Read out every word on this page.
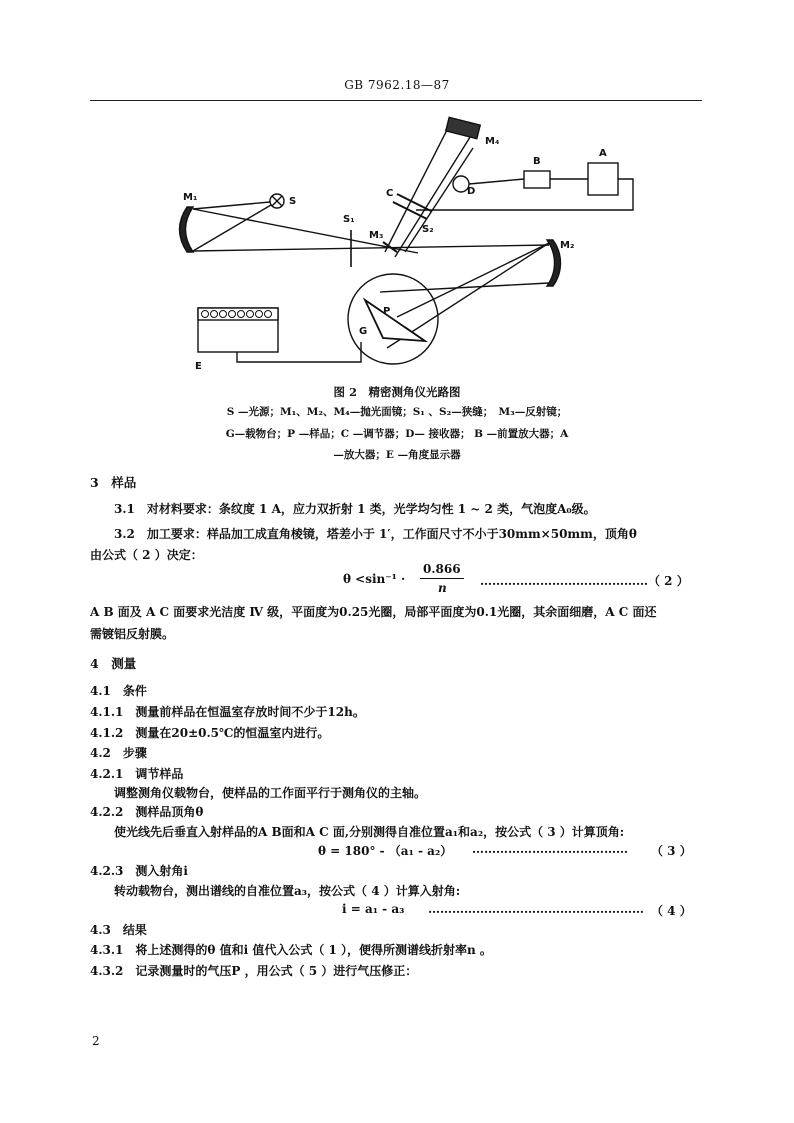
GB 7962.18—87
M₁	S
S₁
M₃
C
S₂
M₄
D
B
A
M₂
G
P
E
图 2　精密测角仪光路图
S —光源；M₁、M₂、M₄—抛光面镜；S₁ 、S₂—狭缝；　M₃—反射镜；
G—载物台；P —样品；C —调节器；D— 接收器； B —前置放大器；A
—放大器；E —角度显示器
3　样品
3.1　对材料要求：条纹度 1 A，应力双折射 1 类，光学均匀性 1 ~ 2 类，气泡度A₀级。
3.2　加工要求：样品加工成直角棱镜，塔差小于 1′，工作面尺寸不小于30mm×50mm，顶角θ
由公式（ 2 ）决定：
θ <sin⁻¹ ·
0.866
n	……………………………………（ 2 ）
A B 面及 A C 面要求光洁度 Ⅳ 级，平面度为0.25光圈，局部平面度为0.1光圈，其余面细磨，A C 面还
需镀铝反射膜。
4　测量
4.1　条件
4.1.1　测量前样品在恒温室存放时间不少于12h。
4.1.2　测量在20±0.5℃的恒温室内进行。
4.2　步骤
4.2.1　调节样品
调整测角仪载物台，使样品的工作面平行于测角仪的主轴。
4.2.2　测样品顶角θ
使光线先后垂直入射样品的A B面和A C 面,分别测得自准位置a₁和a₂，按公式（ 3 ）计算顶角:
θ = 180° - （a₁ - a₂） ………………………………… （ 3 ）
4.2.3　测入射角i
转动载物台，测出谱线的自准位置a₃，按公式（ 4 ）计算入射角:
i = a₁ - a₃ ……………………………………………… （ 4 ）
4.3　结果
4.3.1　将上述测得的θ 值和i 值代入公式（ 1 ），便得所测谱线折射率n 。
4.3.2　记录测量时的气压P ，用公式（ 5 ）进行气压修正：
2
